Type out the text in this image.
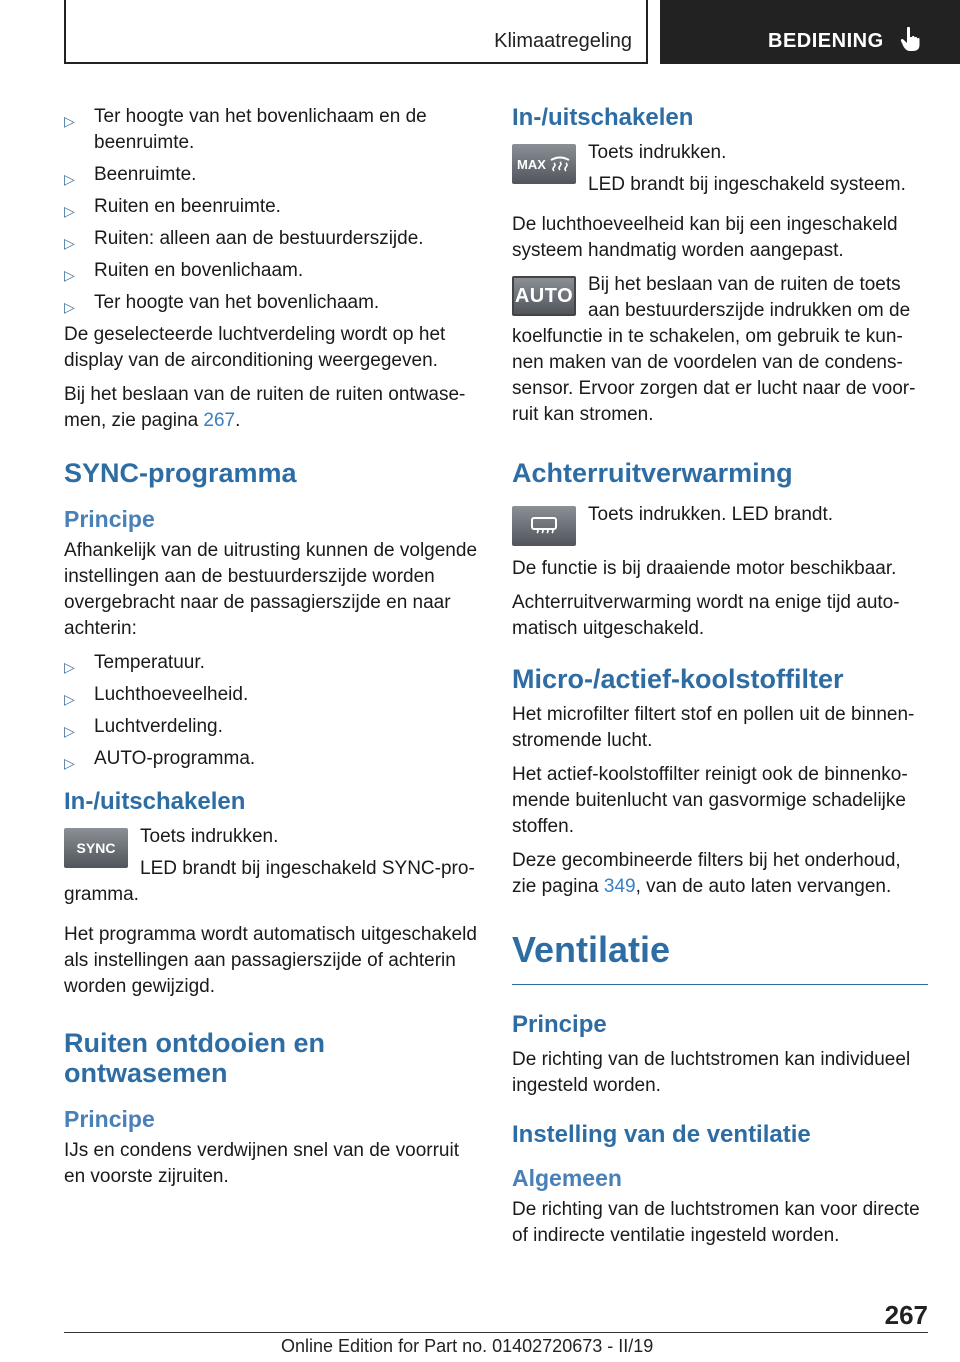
Klimaatregeling	BEDIENING
▷ Ter hoogte van het bovenlichaam en de beenruimte.
▷ Beenruimte.
▷ Ruiten en beenruimte.
▷ Ruiten: alleen aan de bestuurderszijde.
▷ Ruiten en bovenlichaam.
▷ Ter hoogte van het bovenlichaam.

De geselecteerde luchtverdeling wordt op het display van de airconditioning weergegeven.

Bij het beslaan van de ruiten de ruiten ontwasemen, zie pagina 267.

SYNC-programma
Principe

Afhankelijk van de uitrusting kunnen de volgende instellingen aan de bestuurderszijde worden overgebracht naar de passagierszijde en naar achterin:

▷ Temperatuur.
▷ Luchthoeveelheid.
▷ Luchtverdeling.
▷ AUTO-programma.
In-/uitschakelen
SYNC

Toets indrukken.

LED brandt bij ingeschakeld SYNC-programma.

Het programma wordt automatisch uitgeschakeld als instellingen aan passagierszijde of achterin worden gewijzigd.

Ruiten ontdooien en ontwasemen
Principe

IJs en condens verdwijnen snel van de voorruit en voorste zijruiten.

In-/uitschakelen
MAX

Toets indrukken.

LED brandt bij ingeschakeld systeem.

De luchthoeveelheid kan bij een ingeschakeld systeem handmatig worden aangepast.

AUTO Bij het beslaan van de ruiten de toets aan bestuurderszijde indrukken om de koelfunctie in te schakelen, om gebruik te kunnen maken van de voordelen van de condenssensor. Ervoor zorgen dat er lucht naar de voorruit kan stromen.

Achterruitverwarming

Toets indrukken. LED brandt.

De functie is bij draaiende motor beschikbaar.

Achterruitverwarming wordt na enige tijd automatisch uitgeschakeld.

Micro-/actief-koolstoffilter

Het microfilter filtert stof en pollen uit de binnenstromende lucht.

Het actief-koolstoffilter reinigt ook de binnenkomende buitenlucht van gasvormige schadelijke stoffen.

Deze gecombineerde filters bij het onderhoud, zie pagina 349, van de auto laten vervangen.

Ventilatie
Principe

De richting van de luchtstromen kan individueel ingesteld worden.

Instelling van de ventilatie
Algemeen

De richting van de luchtstromen kan voor directe of indirecte ventilatie ingesteld worden.

267
Online Edition for Part no. 01402720673 - II/19
